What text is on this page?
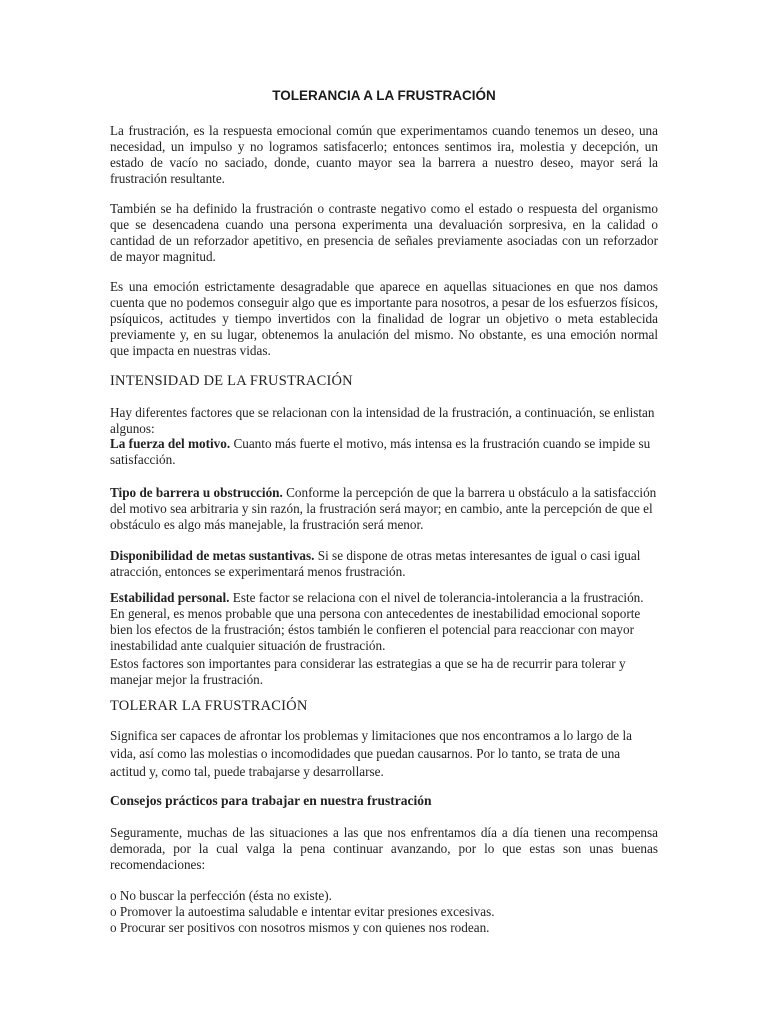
TOLERANCIA A LA FRUSTRACIÓN

La frustración, es la respuesta emocional común que experimentamos cuando tenemos un deseo, una necesidad, un impulso y no logramos satisfacerlo; entonces sentimos ira, molestia y decepción, un estado de vacío no saciado, donde, cuanto mayor sea la barrera a nuestro deseo, mayor será la frustración resultante.

También se ha definido la frustración o contraste negativo como el estado o respuesta del organismo que se desencadena cuando una persona experimenta una devaluación sorpresiva, en la calidad o cantidad de un reforzador apetitivo, en presencia de señales previamente asociadas con un reforzador de mayor magnitud.

Es una emoción estrictamente desagradable que aparece en aquellas situaciones en que nos damos cuenta que no podemos conseguir algo que es importante para nosotros, a pesar de los esfuerzos físicos, psíquicos, actitudes y tiempo invertidos con la finalidad de lograr un objetivo o meta establecida previamente y, en su lugar, obtenemos la anulación del mismo. No obstante, es una emoción normal que impacta en nuestras vidas.

INTENSIDAD DE LA FRUSTRACIÓN

Hay diferentes factores que se relacionan con la intensidad de la frustración, a continuación, se enlistan algunos:

La fuerza del motivo. Cuanto más fuerte el motivo, más intensa es la frustración cuando se impide su satisfacción.

Tipo de barrera u obstrucción. Conforme la percepción de que la barrera u obstáculo a la satisfacción del motivo sea arbitraria y sin razón, la frustración será mayor; en cambio, ante la percepción de que el obstáculo es algo más manejable, la frustración será menor.

Disponibilidad de metas sustantivas. Si se dispone de otras metas interesantes de igual o casi igual atracción, entonces se experimentará menos frustración.

Estabilidad personal. Este factor se relaciona con el nivel de tolerancia-intolerancia a la frustración. En general, es menos probable que una persona con antecedentes de inestabilidad emocional soporte bien los efectos de la frustración; éstos también le confieren el potencial para reaccionar con mayor inestabilidad ante cualquier situación de frustración.

Estos factores son importantes para considerar las estrategias a que se ha de recurrir para tolerar y manejar mejor la frustración.

TOLERAR LA FRUSTRACIÓN

Significa ser capaces de afrontar los problemas y limitaciones que nos encontramos a lo largo de la vida, así como las molestias o incomodidades que puedan causarnos. Por lo tanto, se trata de una actitud y, como tal, puede trabajarse y desarrollarse.

Consejos prácticos para trabajar en nuestra frustración

Seguramente, muchas de las situaciones a las que nos enfrentamos día a día tienen una recompensa demorada, por la cual valga la pena continuar avanzando, por lo que estas son unas buenas recomendaciones:

o No buscar la perfección (ésta no existe).
o Promover la autoestima saludable e intentar evitar presiones excesivas.
o Procurar ser positivos con nosotros mismos y con quienes nos rodean.
